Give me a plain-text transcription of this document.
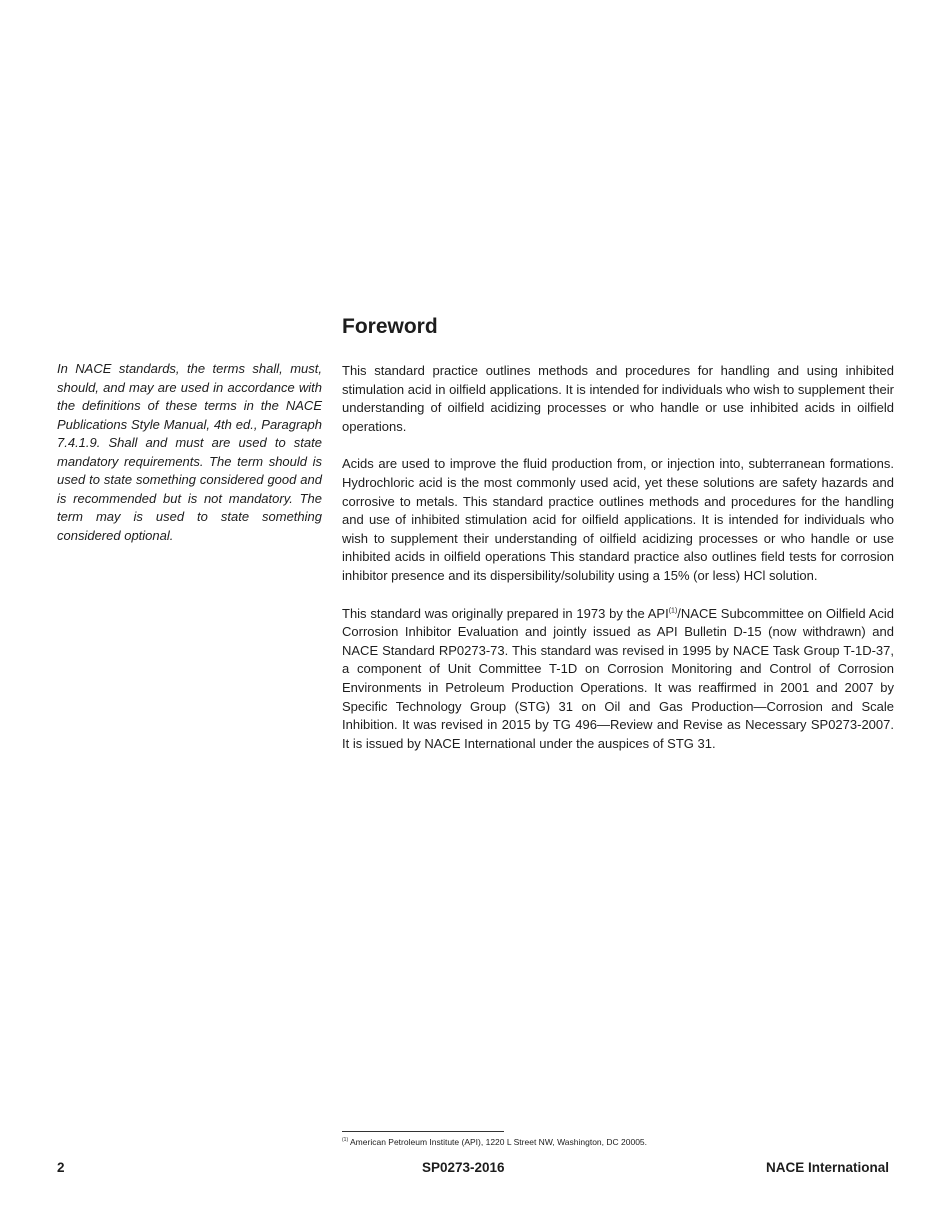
In NACE standards, the terms shall, must, should, and may are used in accordance with the definitions of these terms in the NACE Publications Style Manual, 4th ed., Paragraph 7.4.1.9. Shall and must are used to state mandatory requirements. The term should is used to state something considered good and is recommended but is not mandatory. The term may is used to state something considered optional.

Foreword

This standard practice outlines methods and procedures for handling and using inhibited stimulation acid in oilfield applications. It is intended for individuals who wish to supplement their understanding of oilfield acidizing processes or who handle or use inhibited acids in oilfield operations.

Acids are used to improve the fluid production from, or injection into, subterranean formations. Hydrochloric acid is the most commonly used acid, yet these solutions are safety hazards and corrosive to metals. This standard practice outlines methods and procedures for the handling and use of inhibited stimulation acid for oilfield applications. It is intended for individuals who wish to supplement their understanding of oilfield acidizing processes or who handle or use inhibited acids in oilfield operations This standard practice also outlines field tests for corrosion inhibitor presence and its dispersibility/solubility using a 15% (or less) HCl solution.

This standard was originally prepared in 1973 by the API$^{(1)}$/NACE Subcommittee on Oilfield Acid Corrosion Inhibitor Evaluation and jointly issued as API Bulletin D-15 (now withdrawn) and NACE Standard RP0273-73. This standard was revised in 1995 by NACE Task Group T-1D-37, a component of Unit Committee T-1D on Corrosion Monitoring and Control of Corrosion Environments in Petroleum Production Operations. It was reaffirmed in 2001 and 2007 by Specific Technology Group (STG) 31 on Oil and Gas Production—Corrosion and Scale Inhibition. It was revised in 2015 by TG 496—Review and Revise as Necessary SP0273-2007. It is issued by NACE International under the auspices of STG 31.

$^{(1)}$ American Petroleum Institute (API), 1220 L Street NW, Washington, DC 20005.

2	SP0273-2016	NACE International
